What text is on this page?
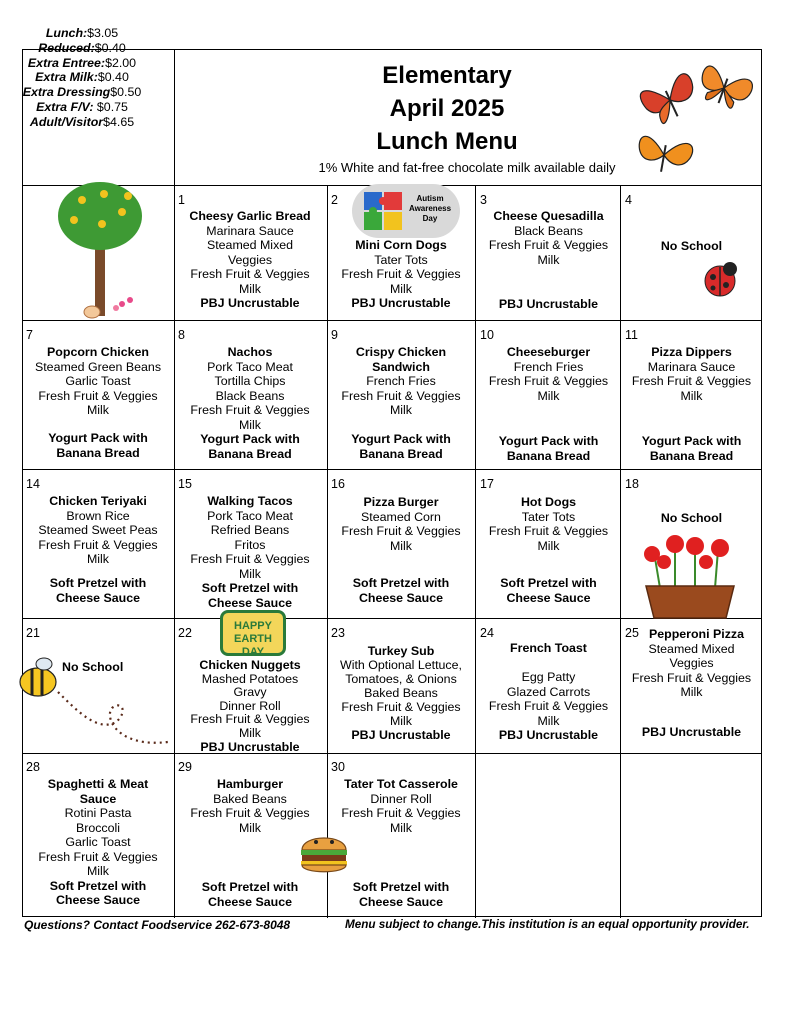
Lunch:$3.05
Reduced:$0.40
Extra Entree:$2.00
Extra Milk:$0.40
Extra Dressing$0.50
Extra F/V: $0.75
Adult/Visitor$4.65
Elementary
April 2025
Lunch Menu
1% White and fat-free chocolate milk available daily
Autism Awareness Day
HAPPY EARTH DAY
1
Cheesy Garlic Bread
Marinara Sauce
Steamed Mixed
Veggies
Fresh Fruit & Veggies
Milk
PBJ Uncrustable
2
Mini Corn Dogs
Tater Tots
Fresh Fruit & Veggies
Milk
PBJ Uncrustable
3
Cheese Quesadilla
Black Beans
Fresh Fruit & Veggies
Milk
PBJ Uncrustable
4
No School
7
Popcorn Chicken
Steamed Green Beans
Garlic Toast
Fresh Fruit & Veggies
Milk
Yogurt Pack with
Banana Bread
8
Nachos
Pork Taco Meat
Tortilla Chips
Black Beans
Fresh Fruit & Veggies
Milk
Yogurt Pack with
Banana Bread
9
Crispy Chicken
Sandwich
French Fries
Fresh Fruit & Veggies
Milk
Yogurt Pack with
Banana Bread
10
Cheeseburger
French Fries
Fresh Fruit & Veggies
Milk
Yogurt Pack with
Banana Bread
11
Pizza Dippers
Marinara Sauce
Fresh Fruit & Veggies
Milk
Yogurt Pack with
Banana Bread
14
Chicken Teriyaki
Brown Rice
Steamed Sweet Peas
Fresh Fruit & Veggies
Milk
Soft Pretzel with
Cheese Sauce
15
Walking Tacos
Pork Taco Meat
Refried Beans
Fritos
Fresh Fruit & Veggies
Milk
Soft Pretzel with
Cheese Sauce
16
Pizza Burger
Steamed Corn
Fresh Fruit & Veggies
Milk
Soft Pretzel with
Cheese Sauce
17
Hot Dogs
Tater Tots
Fresh Fruit & Veggies
Milk
Soft Pretzel with
Cheese Sauce
18
No School
21
No School
22
Chicken Nuggets
Mashed Potatoes
Gravy
Dinner Roll
Fresh Fruit & Veggies
Milk
PBJ Uncrustable
23
Turkey Sub
With Optional Lettuce,
Tomatoes, & Onions
Baked Beans
Fresh Fruit & Veggies
Milk
PBJ Uncrustable
24
French Toast
Egg Patty
Glazed Carrots
Fresh Fruit & Veggies
Milk
PBJ Uncrustable
25 Pepperoni Pizza
Steamed Mixed
Veggies
Fresh Fruit & Veggies
Milk
PBJ Uncrustable
28
Spaghetti & Meat
Sauce
Rotini Pasta
Broccoli
Garlic Toast
Fresh Fruit & Veggies
Milk
Soft Pretzel with
Cheese Sauce
29
Hamburger
Baked Beans
Fresh Fruit & Veggies
Milk
Soft Pretzel with
Cheese Sauce
30
Tater Tot Casserole
Dinner Roll
Fresh Fruit & Veggies
Milk
Soft Pretzel with
Cheese Sauce
Questions? Contact Foodservice 262-673-8048	Menu subject to change.This institution is an equal opportunity provider.
